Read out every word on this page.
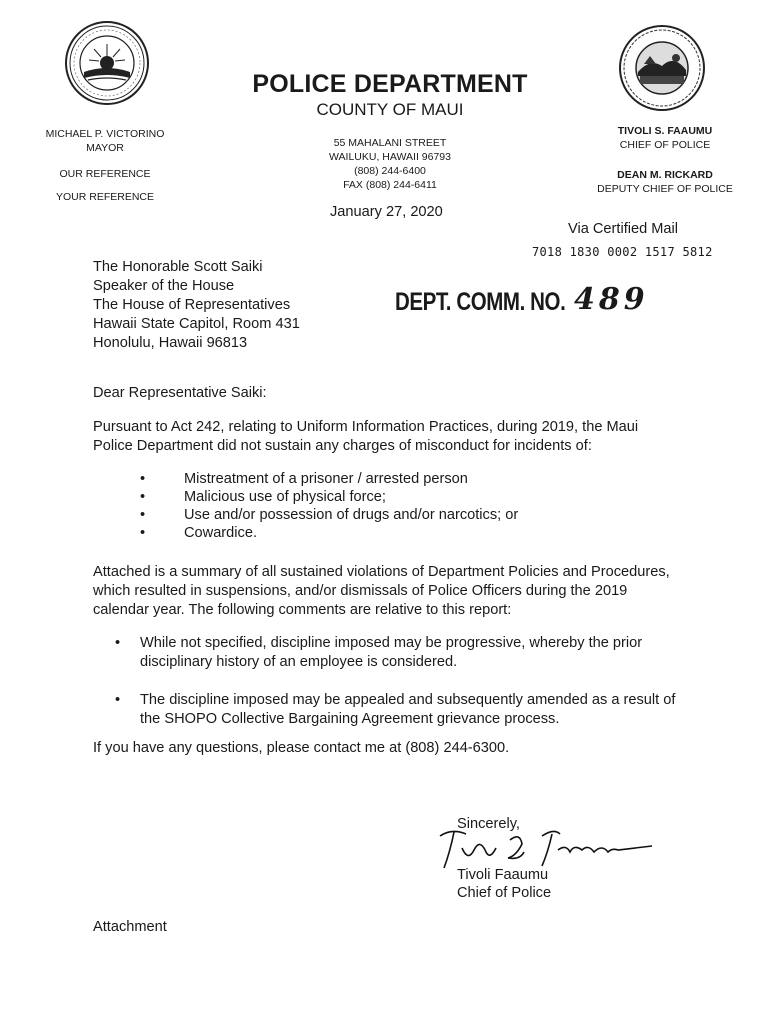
POLICE DEPARTMENT
COUNTY OF MAUI
55 MAHALANI STREET
WAILUKU, HAWAII 96793
(808) 244-6400
FAX (808) 244-6411
January 27, 2020
MICHAEL P. VICTORINO
MAYOR
OUR REFERENCE
YOUR REFERENCE
TIVOLI S. FAAUMU
CHIEF OF POLICE
DEAN M. RICKARD
DEPUTY CHIEF OF POLICE
Via Certified Mail
7018 1830 0002 1517 5812
The Honorable Scott Saiki
Speaker of the House
The House of Representatives
Hawaii State Capitol, Room 431
Honolulu, Hawaii 96813
DEPT. COMM. NO. 489
Dear Representative Saiki:
Pursuant to Act 242, relating to Uniform Information Practices, during 2019, the Maui Police Department did not sustain any charges of misconduct for incidents of:
•	Mistreatment of a prisoner / arrested person
•	Malicious use of physical force;
•	Use and/or possession of drugs and/or narcotics; or
•	Cowardice.
Attached is a summary of all sustained violations of Department Policies and Procedures, which resulted in suspensions, and/or dismissals of Police Officers during the 2019 calendar year. The following comments are relative to this report:
• While not specified, discipline imposed may be progressive, whereby the prior disciplinary history of an employee is considered.
• The discipline imposed may be appealed and subsequently amended as a result of the SHOPO Collective Bargaining Agreement grievance process.
If you have any questions, please contact me at (808) 244-6300.
Sincerely,
Tivoli Faaumu
Chief of Police
Attachment
